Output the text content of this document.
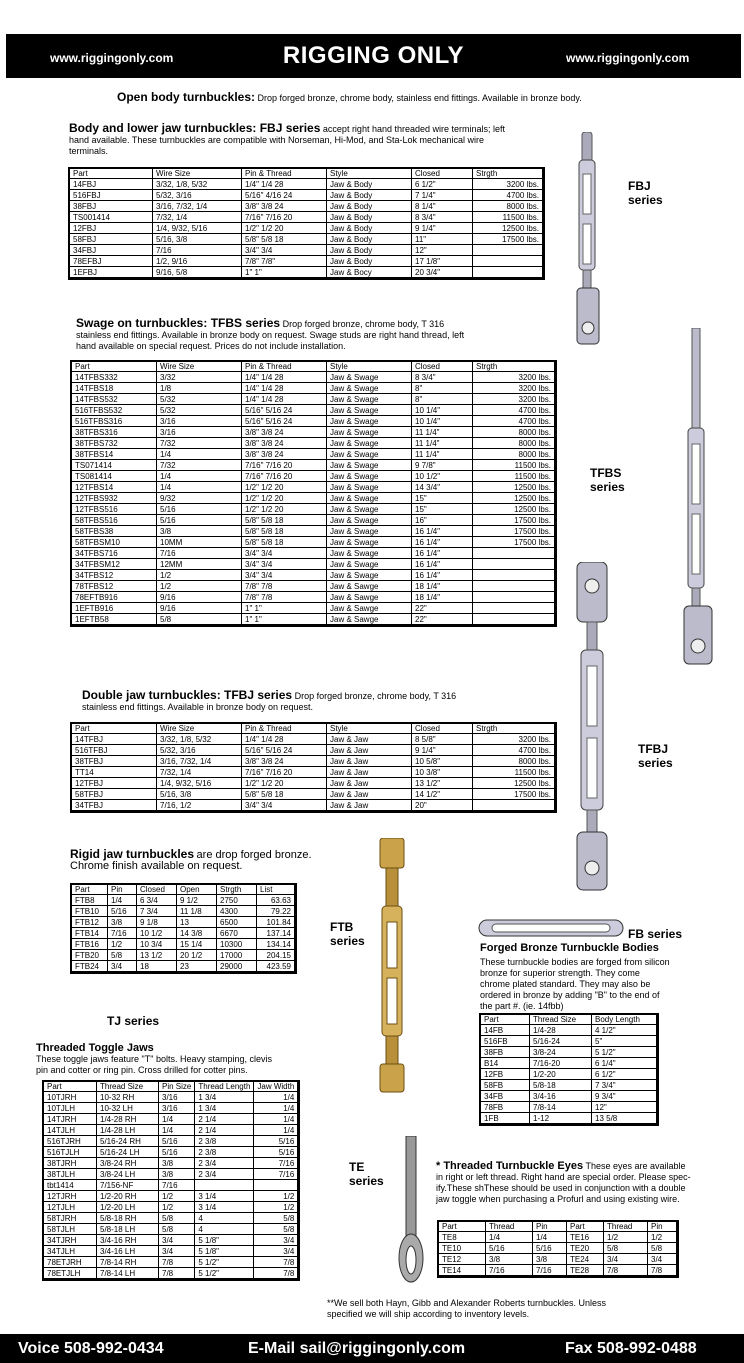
www.riggingonly.com	RIGGING ONLY	www.riggingonly.com
Open body turnbuckles: Drop forged bronze, chrome body, stainless end fittings. Available in bronze body.
Body and lower jaw turnbuckles: FBJ series accept right hand threaded wire terminals; left
hand available. These turnbuckles are compatible with Norseman, Hi-Mod, and Sta-Lok mechanical wire
terminals.
Part	Wire Size	Pin & Thread	Style	Closed	Strgth
14FBJ	3/32, 1/8, 5/32	1/4" 1/4 28	Jaw & Body	6 1/2"	3200 lbs.
516FBJ	5/32, 3/16	5/16" 4/16 24	Jaw & Body	7 1/4"	4700 lbs.
38FBJ	3/16, 7/32, 1/4	3/8" 3/8 24	Jaw & Body	8 1/4"	8000 lbs.
TS001414	7/32, 1/4	7/16" 7/16 20	Jaw & Body	8 3/4"	11500 lbs.
12FBJ	1/4, 9/32, 5/16	1/2" 1/2 20	Jaw & Body	9 1/4"	12500 lbs.
58FBJ	5/16, 3/8	5/8" 5/8 18	Jaw & Body	11"	17500 lbs.
34FBJ	7/16	3/4" 3/4	Jaw & Body	12"	
78EFBJ	1/2, 9/16	7/8" 7/8"	Jaw & Body	17 1/8"	
1EFBJ	9/16, 5/8	1" 1"	Jaw & Bocy	20 3/4"	
FBJ
series
Swage on turnbuckles: TFBS series Drop forged bronze, chrome body, T 316
stainless end fittings. Available in bronze body on request. Swage studs are right hand thread, left
hand available on special request. Prices do not include installation.
Part	Wire Size	Pin & Thread	Style	Closed	Strgth
14TFBS332	3/32	1/4" 1/4 28	Jaw & Swage	8 3/4"	3200 lbs.
14TFBS18	1/8	1/4" 1/4 28	Jaw & Swage	8"	3200 lbs.
14TFBS532	5/32	1/4" 1/4 28	Jaw & Swage	8"	3200 lbs.
516TFBS532	5/32	5/16" 5/16 24	Jaw & Swage	10 1/4"	4700 lbs.
516TFBS316	3/16	5/16" 5/16 24	Jaw & Swage	10 1/4"	4700 lbs.
38TFBS316	3/16	3/8" 3/8 24	Jaw & Swage	11 1/4"	8000 lbs.
38TFBS732	7/32	3/8" 3/8 24	Jaw & Swage	11 1/4"	8000 lbs.
38TFBS14	1/4	3/8" 3/8 24	Jaw & Swage	11 1/4"	8000 lbs.
TS071414	7/32	7/16" 7/16 20	Jaw & Swage	9 7/8"	11500 lbs.
TS081414	1/4	7/16" 7/16 20	Jaw & Swage	10 1/2"	11500 lbs.
12TFBS14	1/4	1/2" 1/2 20	Jaw & Swage	14 3/4"	12500 lbs.
12TFBS932	9/32	1/2" 1/2 20	Jaw & Swage	15"	12500 lbs.
12TFBS516	5/16	1/2" 1/2 20	Jaw & Swage	15"	12500 lbs.
58TFBS516	5/16	5/8" 5/8 18	Jaw & Swage	16"	17500 lbs.
58TFBS38	3/8	5/8" 5/8 18	Jaw & Swage	16 1/4"	17500 lbs.
58TFBSM10	10MM	5/8" 5/8 18	Jaw & Swage	16 1/4"	17500 lbs.
34TFBS716	7/16	3/4" 3/4	Jaw & Swage	16 1/4"	
34TFBSM12	12MM	3/4" 3/4	Jaw & Swage	16 1/4"	
34TFBS12	1/2	3/4" 3/4	Jaw & Swage	16 1/4"	
78TFBS12	1/2	7/8" 7/8	Jaw & Sawge	18 1/4"	
78EFTB916	9/16	7/8" 7/8	Jaw & Sawge	18 1/4"	
1EFTB916	9/16	1" 1"	Jaw & Sawge	22"	
1EFTB58	5/8	1" 1"	Jaw & Sawge	22"	
TFBS
series
Double jaw turnbuckles: TFBJ series Drop forged bronze, chrome body, T 316
stainless end fittings. Available in bronze body on request.
Part	Wire Size	Pin & Thread	Style	Closed	Strgth
14TFBJ	3/32, 1/8, 5/32	1/4" 1/4 28	Jaw & Jaw	8 5/8"	3200 lbs.
516TFBJ	5/32, 3/16	5/16" 5/16 24	Jaw & Jaw	9 1/4"	4700 lbs.
38TFBJ	3/16, 7/32, 1/4	3/8" 3/8 24	Jaw & Jaw	10 5/8"	8000 lbs.
TT14	7/32, 1/4	7/16" 7/16 20	Jaw & Jaw	10 3/8"	11500 lbs.
12TFBJ	1/4, 9/32, 5/16	1/2" 1/2 20	Jaw & Jaw	13 1/2"	12500 lbs.
58TFBJ	5/16, 3/8	5/8" 5/8 18	Jaw & Jaw	14 1/2"	17500 lbs.
34TFBJ	7/16, 1/2	3/4" 3/4	Jaw & Jaw	20"	
TFBJ
series
Rigid jaw turnbuckles are drop forged bronze.
Chrome finish available on request.
Part	Pin	Closed	Open	Strgth	List
FTB8	1/4	6 3/4	9 1/2	2750	63.63
FTB10	5/16	7 3/4	11 1/8	4300	79.22
FTB12	3/8	9 1/8	13	6500	101.84
FTB14	7/16	10 1/2	14 3/8	6670	137.14
FTB16	1/2	10 3/4	15 1/4	10300	134.14
FTB20	5/8	13 1/2	20 1/2	17000	204.15
FTB24	3/4	18	23	29000	423.59
FTB
series	FB series
Forged Bronze Turnbuckle Bodies
These turnbuckle bodies are forged from silicon
bronze for superior strength. They come
chrome plated standard. They may also be
ordered in bronze by adding "B" to the end of
the part #. (ie. 14fbb)
Part	Thread Size	Body Length
14FB	1/4-28	4 1/2"
516FB	5/16-24	5"
38FB	3/8-24	5 1/2"
B14	7/16-20	6 1/4"
12FB	1/2-20	6 1/2"
58FB	5/8-18	7 3/4"
34FB	3/4-16	9 3/4"
78FB	7/8-14	12"
1FB	1-12	13 5/8
TJ series
Threaded Toggle Jaws
These toggle jaws feature "T" bolts. Heavy stamping, clevis
pin and cotter or ring pin. Cross drilled for cotter pins.
Part	Thread Size	Pin Size	Thread Length	Jaw Width
10TJRH	10-32 RH	3/16	1 3/4	1/4
10TJLH	10-32 LH	3/16	1 3/4	1/4
14TJRH	1/4-28 RH	1/4	2 1/4	1/4
14TJLH	1/4-28 LH	1/4	2 1/4	1/4
516TJRH	5/16-24 RH	5/16	2 3/8	5/16
516TJLH	5/16-24 LH	5/16	2 3/8	5/16
38TJRH	3/8-24 RH	3/8	2 3/4	7/16
38TJLH	3/8-24 LH	3/8	2 3/4	7/16
tbt1414	7/156-NF	7/16		
12TJRH	1/2-20 RH	1/2	3 1/4	1/2
12TJLH	1/2-20 LH	1/2	3 1/4	1/2
58TJRH	5/8-18 RH	5/8	4	5/8
58TJLH	5/8-18 LH	5/8	4	5/8
34TJRH	3/4-16 RH	3/4	5 1/8"	3/4
34TJLH	3/4-16 LH	3/4	5 1/8"	3/4
78ETJRH	7/8-14 RH	7/8	5 1/2"	7/8
78ETJLH	7/8-14 LH	7/8	5 1/2"	7/8
TE
series
* Threaded Turnbuckle Eyes These eyes are available
in right or left thread. Right hand are special order. Please spec-
ify.These shThese should be used in conjunction with a double
jaw toggle when purchasing a Profurl and using existing wire.
Part	Thread	Pin	Part	Thread	Pin
TE8	1/4	1/4	TE16	1/2	1/2
TE10	5/16	5/16	TE20	5/8	5/8
TE12	3/8	3/8	TE24	3/4	3/4
TE14	7/16	7/16	TE28	7/8	7/8
**We sell both Hayn, Gibb and Alexander Roberts turnbuckles. Unless
specified we will ship according to inventory levels.
Voice 508-992-0434	E-Mail sail@riggingonly.com	Fax 508-992-0488
